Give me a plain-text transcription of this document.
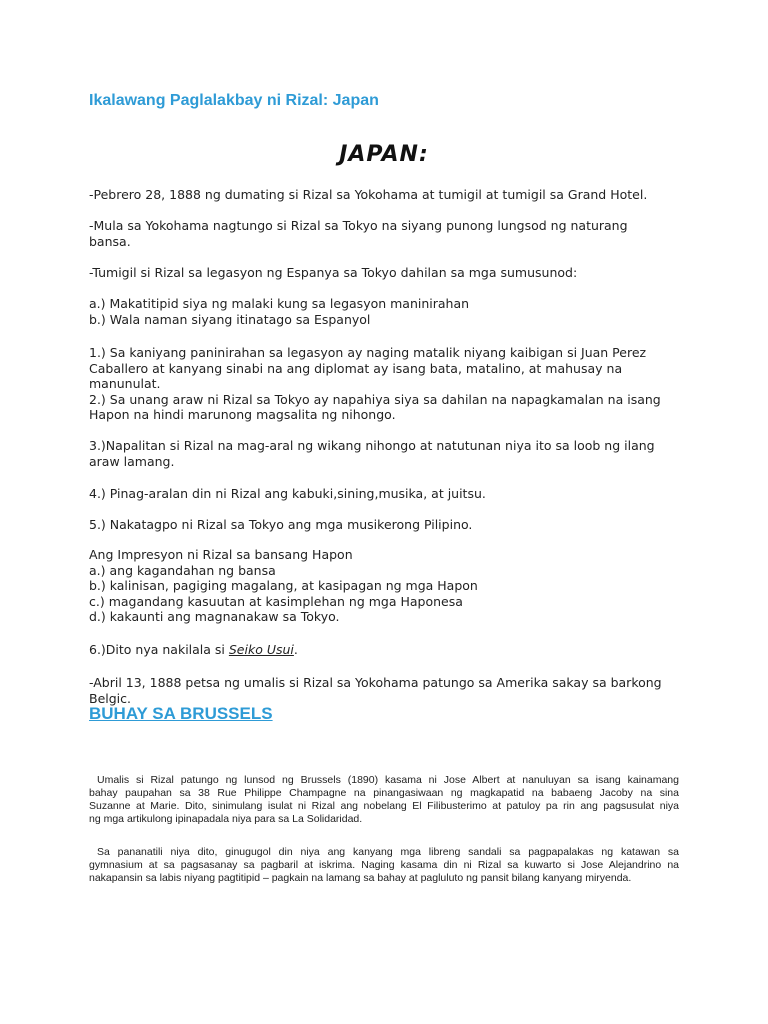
Ikalawang Paglalakbay ni Rizal: Japan
JAPAN:

-Pebrero 28, 1888 ng dumating si Rizal sa Yokohama at tumigil at tumigil sa Grand Hotel.

-Mula sa Yokohama nagtungo si Rizal sa Tokyo na siyang punong lungsod ng naturang
bansa.

-Tumigil si Rizal sa legasyon ng Espanya sa Tokyo dahilan sa mga sumusunod:

a.) Makatitipid siya ng malaki kung sa legasyon maninirahan
b.) Wala naman siyang itinatago sa Espanyol

1.) Sa kaniyang paninirahan sa legasyon ay naging matalik niyang kaibigan si Juan Perez
Caballero at kanyang sinabi na ang diplomat ay isang bata, matalino, at mahusay na
manunulat.
2.) Sa unang araw ni Rizal sa Tokyo ay napahiya siya sa dahilan na napagkamalan na isang
Hapon na hindi marunong magsalita ng nihongo.

3.)Napalitan si Rizal na mag-aral ng wikang nihongo at natutunan niya ito sa loob ng ilang
araw lamang.

4.) Pinag-aralan din ni Rizal ang kabuki,sining,musika, at juitsu.

5.) Nakatagpo ni Rizal sa Tokyo ang mga musikerong Pilipino.

Ang Impresyon ni Rizal sa bansang Hapon
a.) ang kagandahan ng bansa
b.) kalinisan, pagiging magalang, at kasipagan ng mga Hapon
c.) magandang kasuutan at kasimplehan ng mga Haponesa
d.) kakaunti ang magnanakaw sa Tokyo.

6.)Dito nya nakilala si Seiko Usui.

-Abril 13, 1888 petsa ng umalis si Rizal sa Yokohama patungo sa Amerika sakay sa barkong
Belgic.

BUHAY SA BRUSSELS

Umalis si Rizal patungo ng lunsod ng Brussels (1890) kasama ni Jose Albert at nanuluyan sa isang kainamang
bahay paupahan sa 38 Rue Philippe Champagne na pinangasiwaan ng magkapatid na babaeng Jacoby na sina
Suzanne at Marie. Dito, sinimulang isulat ni Rizal ang nobelang El Filibusterimo at patuloy pa rin ang pagsusulat niya
ng mga artikulong ipinapadala niya para sa La Solidaridad.

Sa pananatili niya dito, ginugugol din niya ang kanyang mga libreng sandali sa pagpapalakas ng katawan sa
gymnasium at sa pagsasanay sa pagbaril at iskrima. Naging kasama din ni Rizal sa kuwarto si Jose Alejandrino na
nakapansin sa labis niyang pagtitipid – pagkain na lamang sa bahay at pagluluto ng pansit bilang kanyang miryenda.
